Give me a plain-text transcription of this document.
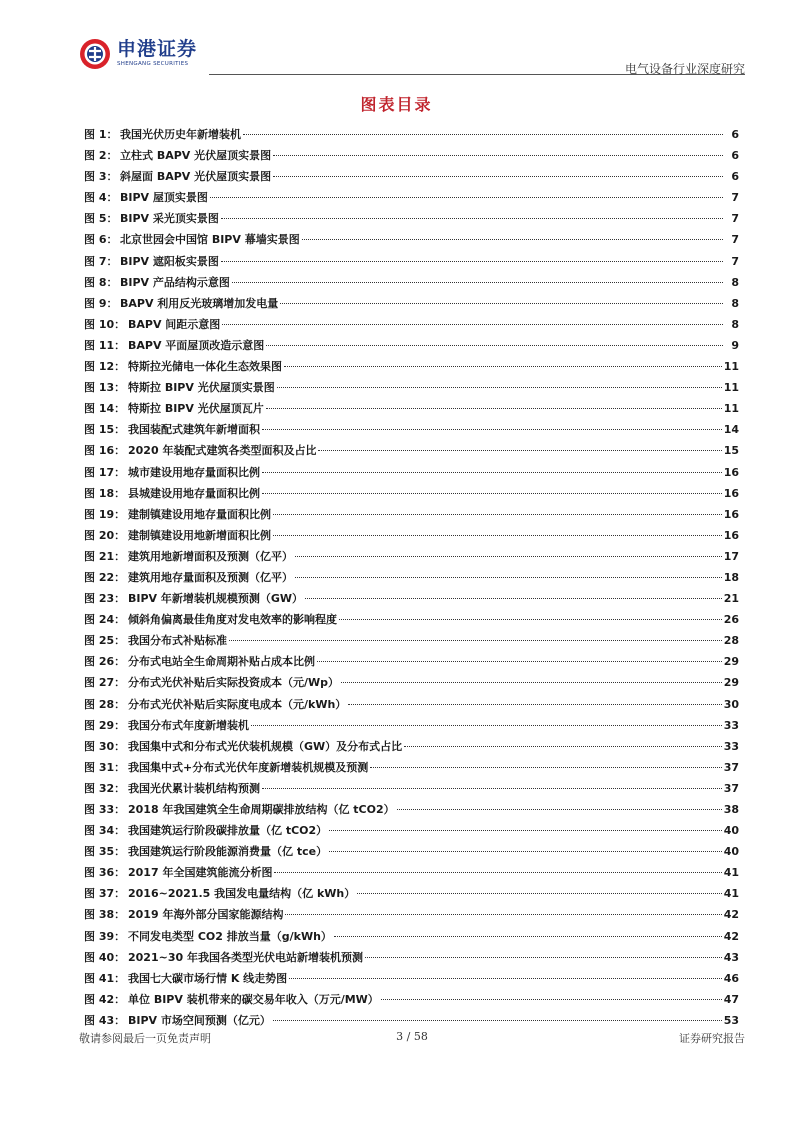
申港证券
SHENGANG SECURITIES	电气设备行业深度研究
图表目录
图 1： 我国光伏历史年新增装机	6
图 2： 立柱式 BAPV 光伏屋顶实景图	6
图 3： 斜屋面 BAPV 光伏屋顶实景图	6
图 4： BIPV 屋顶实景图	7
图 5： BIPV 采光顶实景图	7
图 6： 北京世园会中国馆 BIPV 幕墙实景图	7
图 7： BIPV 遮阳板实景图	7
图 8： BIPV 产品结构示意图	8
图 9： BAPV 利用反光玻璃增加发电量	8
图 10： BAPV 间距示意图	8
图 11： BAPV 平面屋顶改造示意图	9
图 12： 特斯拉光储电一体化生态效果图	11
图 13： 特斯拉 BIPV 光伏屋顶实景图	11
图 14： 特斯拉 BIPV 光伏屋顶瓦片	11
图 15： 我国装配式建筑年新增面积	14
图 16： 2020 年装配式建筑各类型面积及占比	15
图 17： 城市建设用地存量面积比例	16
图 18： 县城建设用地存量面积比例	16
图 19： 建制镇建设用地存量面积比例	16
图 20： 建制镇建设用地新增面积比例	16
图 21： 建筑用地新增面积及预测（亿平）	17
图 22： 建筑用地存量面积及预测（亿平）	18
图 23： BIPV 年新增装机规模预测（GW）	21
图 24： 倾斜角偏离最佳角度对发电效率的影响程度	26
图 25： 我国分布式补贴标准	28
图 26： 分布式电站全生命周期补贴占成本比例	29
图 27： 分布式光伏补贴后实际投资成本（元/Wp）	29
图 28： 分布式光伏补贴后实际度电成本（元/kWh）	30
图 29： 我国分布式年度新增装机	33
图 30： 我国集中式和分布式光伏装机规模（GW）及分布式占比	33
图 31： 我国集中式+分布式光伏年度新增装机规模及预测	37
图 32： 我国光伏累计装机结构预测	37
图 33： 2018 年我国建筑全生命周期碳排放结构（亿 tCO2）	38
图 34： 我国建筑运行阶段碳排放量（亿 tCO2）	40
图 35： 我国建筑运行阶段能源消费量（亿 tce）	40
图 36： 2017 年全国建筑能流分析图	41
图 37： 2016~2021.5 我国发电量结构（亿 kWh）	41
图 38： 2019 年海外部分国家能源结构	42
图 39： 不同发电类型 CO2 排放当量（g/kWh）	42
图 40： 2021~30 年我国各类型光伏电站新增装机预测	43
图 41： 我国七大碳市场行情 K 线走势图	46
图 42： 单位 BIPV 装机带来的碳交易年收入（万元/MW）	47
图 43： BIPV 市场空间预测（亿元）	53
敬请参阅最后一页免责声明	3 / 58	证券研究报告
